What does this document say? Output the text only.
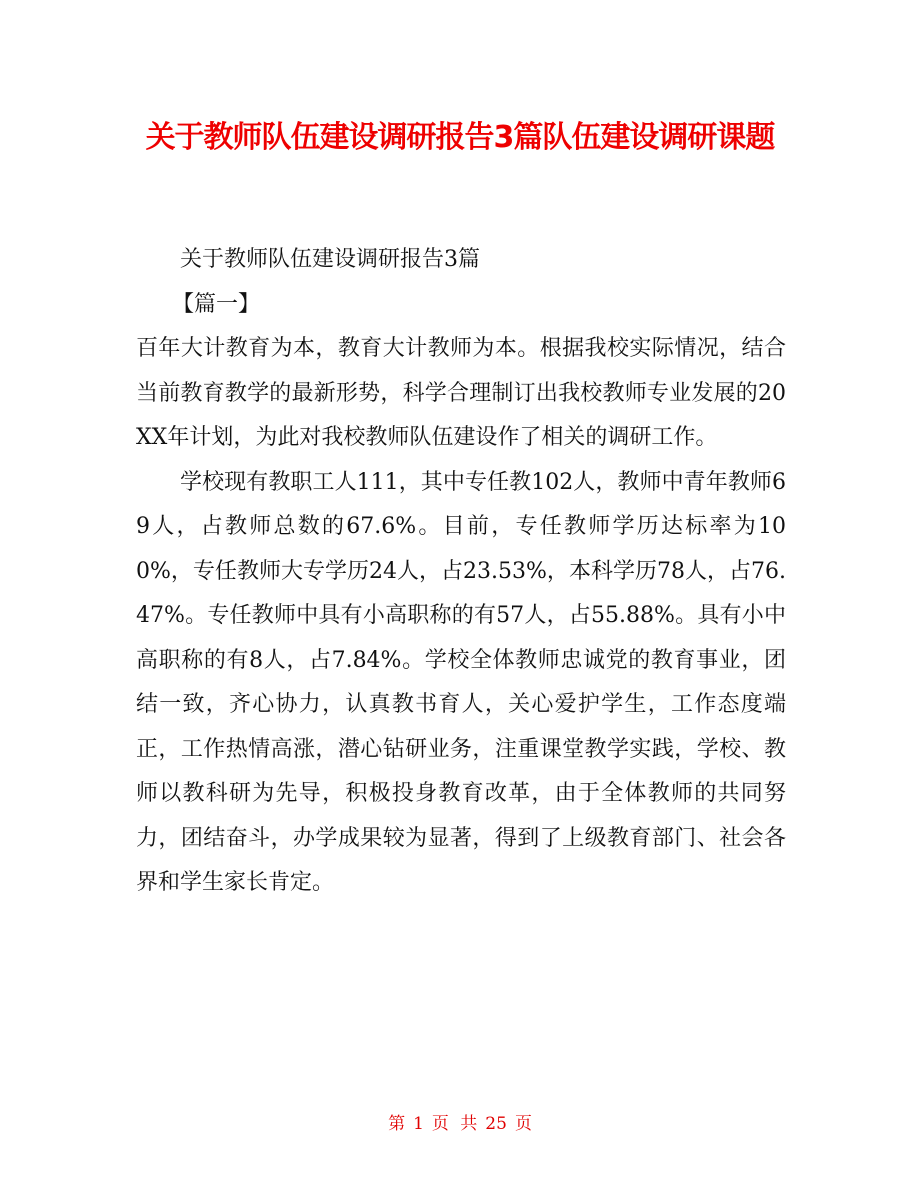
关于教师队伍建设调研报告3篇队伍建设调研课题

关于教师队伍建设调研报告3篇

【篇一】

百年大计教育为本，教育大计教师为本。根据我校实际情况，结合当前教育教学的最新形势，科学合理制订出我校教师专业发展的20XX年计划，为此对我校教师队伍建设作了相关的调研工作。

学校现有教职工人111，其中专任教102人，教师中青年教师69人，占教师总数的67.6%。目前，专任教师学历达标率为100%，专任教师大专学历24人，占23.53%，本科学历78人，占76.47%。专任教师中具有小高职称的有57人，占55.88%。具有小中高职称的有8人，占7.84%。学校全体教师忠诚党的教育事业，团结一致，齐心协力，认真教书育人，关心爱护学生，工作态度端正，工作热情高涨，潜心钻研业务，注重课堂教学实践，学校、教师以教科研为先导，积极投身教育改革，由于全体教师的共同努力，团结奋斗，办学成果较为显著，得到了上级教育部门、社会各界和学生家长肯定。

第 1 页 共 25 页
